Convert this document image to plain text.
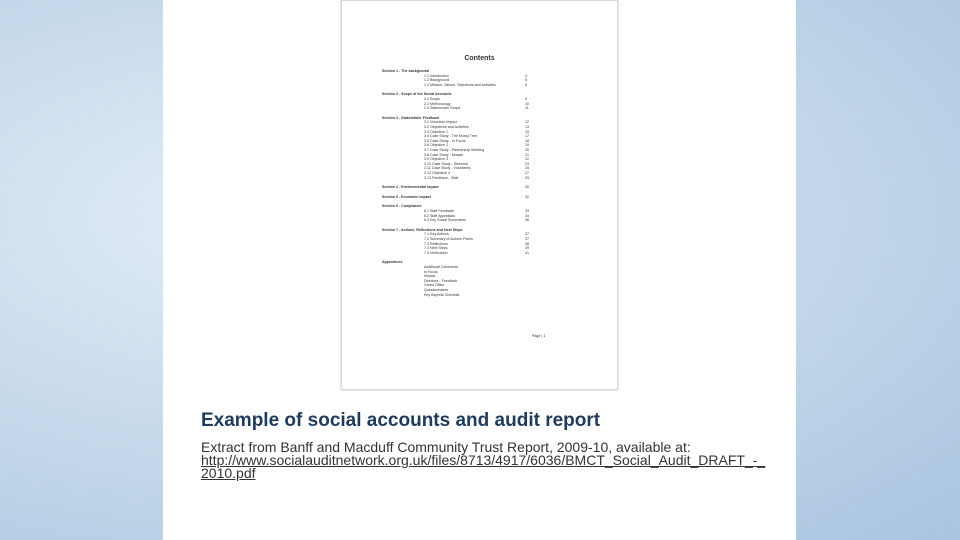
Contents
Section 1 - The background
1.1 Introduction	4
1.2 Background	5
1.3 Mission, Values, Objectives and Activities	6
Section 2 - Scope of the Social Accounts
2.1 Scope	9
2.2 Methodology	10
2.3 Stakeholder Scope	11
Section 3 - Stakeholder Feedback
3.1 Volunteer Impact	12
3.2 Objectives and Activities	13
3.3 Objective 1	15
3.4 Case Study - The Moray Tree	17
3.5 Case Study - In Focus	18
3.6 Objective 2	19
3.7 Case Study - Partnership Working	20
3.8 Case Study - Mosaic	21
3.9 Objective 3	22
3.10 Case Study - Directors	24
3.11 Case Study - Volunteers	25
3.12 Objective 4	27
3.13 Feedback - Staff	29
Section 4 - Environmental Impact	30
Section 5 - Economic Impact	32
Section 6 - Compliance
6.1 Staff Feedback	33
6.2 Staff Appraisals	34
6.3 Key Social Summaries	36
Section 7 - Actions, Reflections and Next Steps
7.1 Key Actions	37
7.2 Summary of Actions Points	37
7.3 Reflections	38
7.4 Next Steps	39
7.5 Verification	41
Appendices
Additional Comments
In Focus
Mosaic
Directors - Feedback
Green Office
Questionnaires
Key Aspects Checklist
Page | 1
Example of social accounts and audit report
Extract from Banff and Macduff Community Trust Report, 2009-10, available at:
http://www.socialauditnetwork.org.uk/files/8713/4917/6036/BMCT_Social_Audit_DRAFT_-_2010.pdf
